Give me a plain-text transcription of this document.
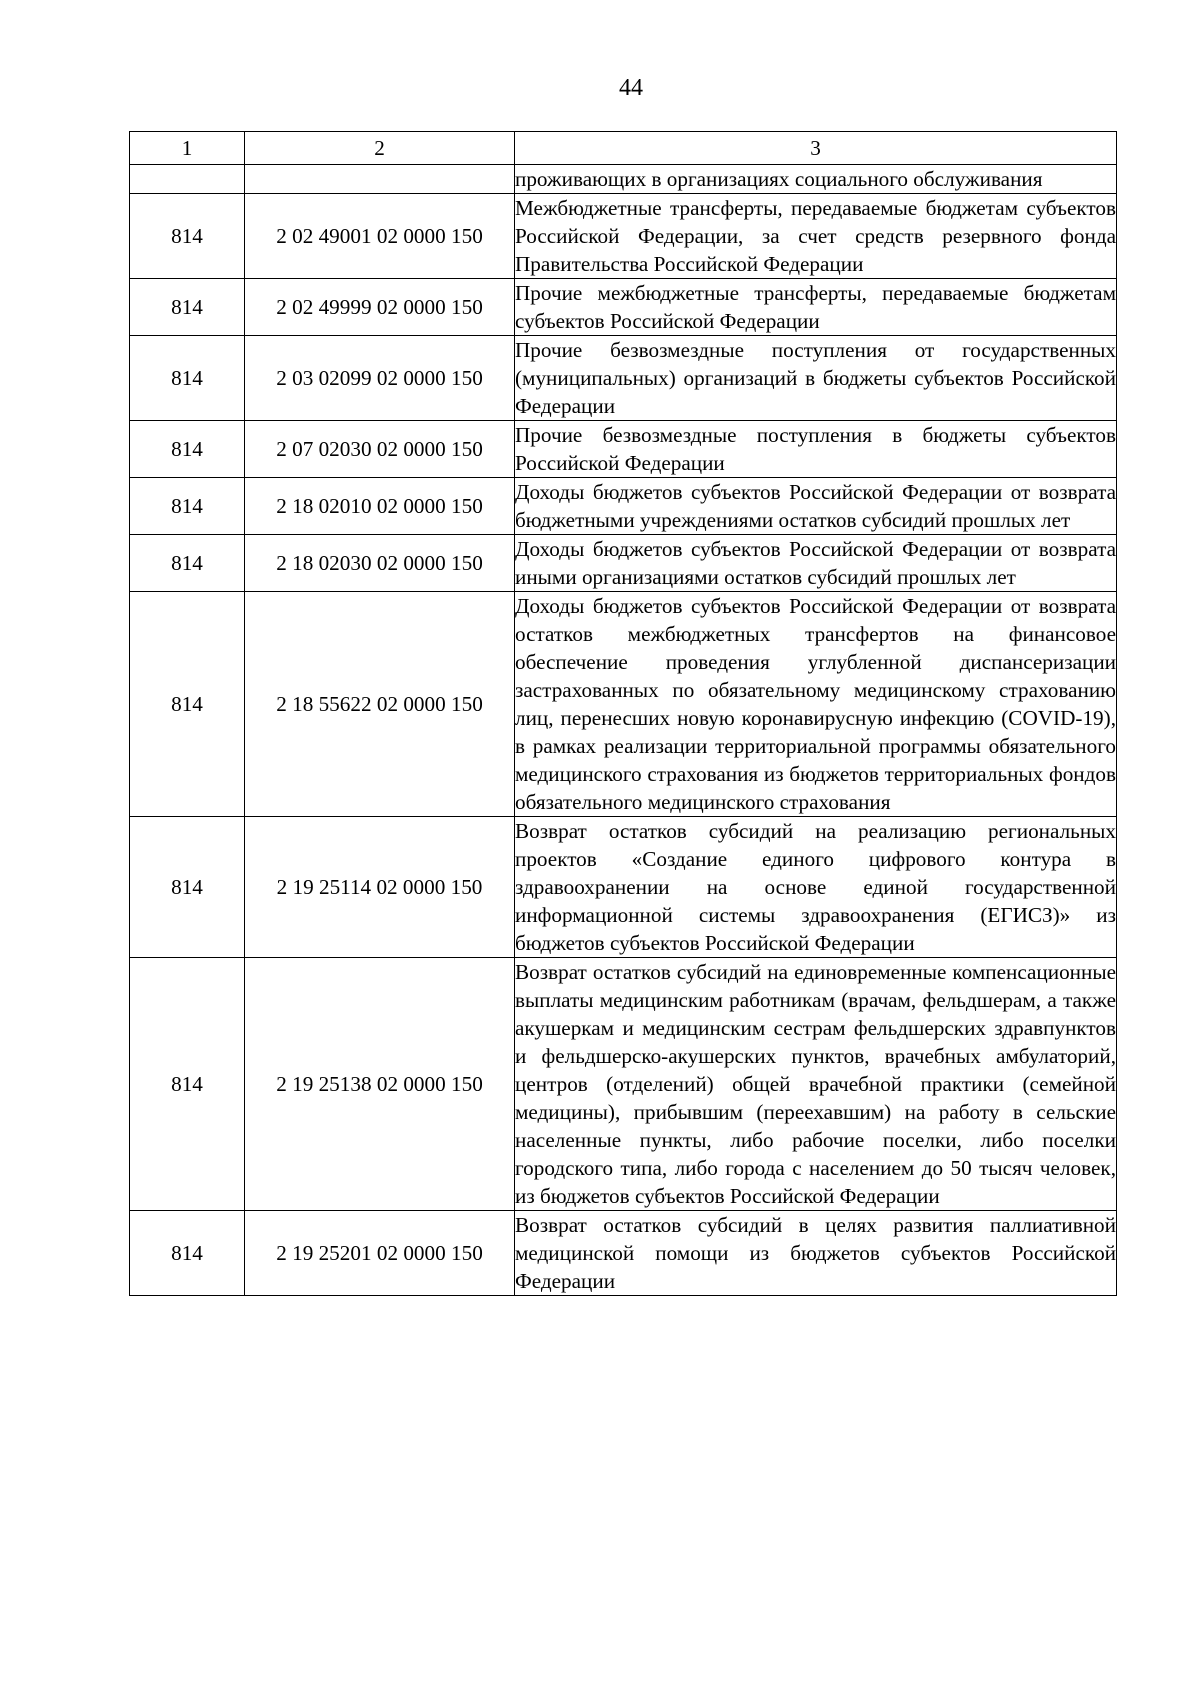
44
1	2	3
		проживающих в организациях социального обслуживания
814	2 02 49001 02 0000 150	Межбюджетные трансферты, передаваемые бюджетам субъектов Российской Федерации, за счет средств резервного фонда Правительства Российской Федерации
814	2 02 49999 02 0000 150	Прочие межбюджетные трансферты, передаваемые бюджетам субъектов Российской Федерации
814	2 03 02099 02 0000 150	Прочие безвозмездные поступления от государственных (муниципальных) организаций в бюджеты субъектов Российской Федерации
814	2 07 02030 02 0000 150	Прочие безвозмездные поступления в бюджеты субъектов Российской Федерации
814	2 18 02010 02 0000 150	Доходы бюджетов субъектов Российской Федерации от возврата бюджетными учреждениями остатков субсидий прошлых лет
814	2 18 02030 02 0000 150	Доходы бюджетов субъектов Российской Федерации от возврата иными организациями остатков субсидий прошлых лет
814	2 18 55622 02 0000 150	Доходы бюджетов субъектов Российской Федерации от возврата остатков межбюджетных трансфертов на финансовое обеспечение проведения углубленной диспансеризации застрахованных по обязательному медицинскому страхованию лиц, перенесших новую коронавирусную инфекцию (COVID-19), в рамках реализации территориальной программы обязательного медицинского страхования из бюджетов территориальных фондов обязательного медицинского страхования
814	2 19 25114 02 0000 150	Возврат остатков субсидий на реализацию региональных проектов «Создание единого цифрового контура в здравоохранении на основе единой государственной информационной системы здравоохранения (ЕГИСЗ)» из бюджетов субъектов Российской Федерации
814	2 19 25138 02 0000 150	Возврат остатков субсидий на единовременные компенсационные выплаты медицинским работникам (врачам, фельдшерам, а также акушеркам и медицинским сестрам фельдшерских здравпунктов и фельдшерско-акушерских пунктов, врачебных амбулаторий, центров (отделений) общей врачебной практики (семейной медицины), прибывшим (переехавшим) на работу в сельские населенные пункты, либо рабочие поселки, либо поселки городского типа, либо города с населением до 50 тысяч человек, из бюджетов субъектов Российской Федерации
814	2 19 25201 02 0000 150	Возврат остатков субсидий в целях развития паллиативной медицинской помощи из бюджетов субъектов Российской Федерации
